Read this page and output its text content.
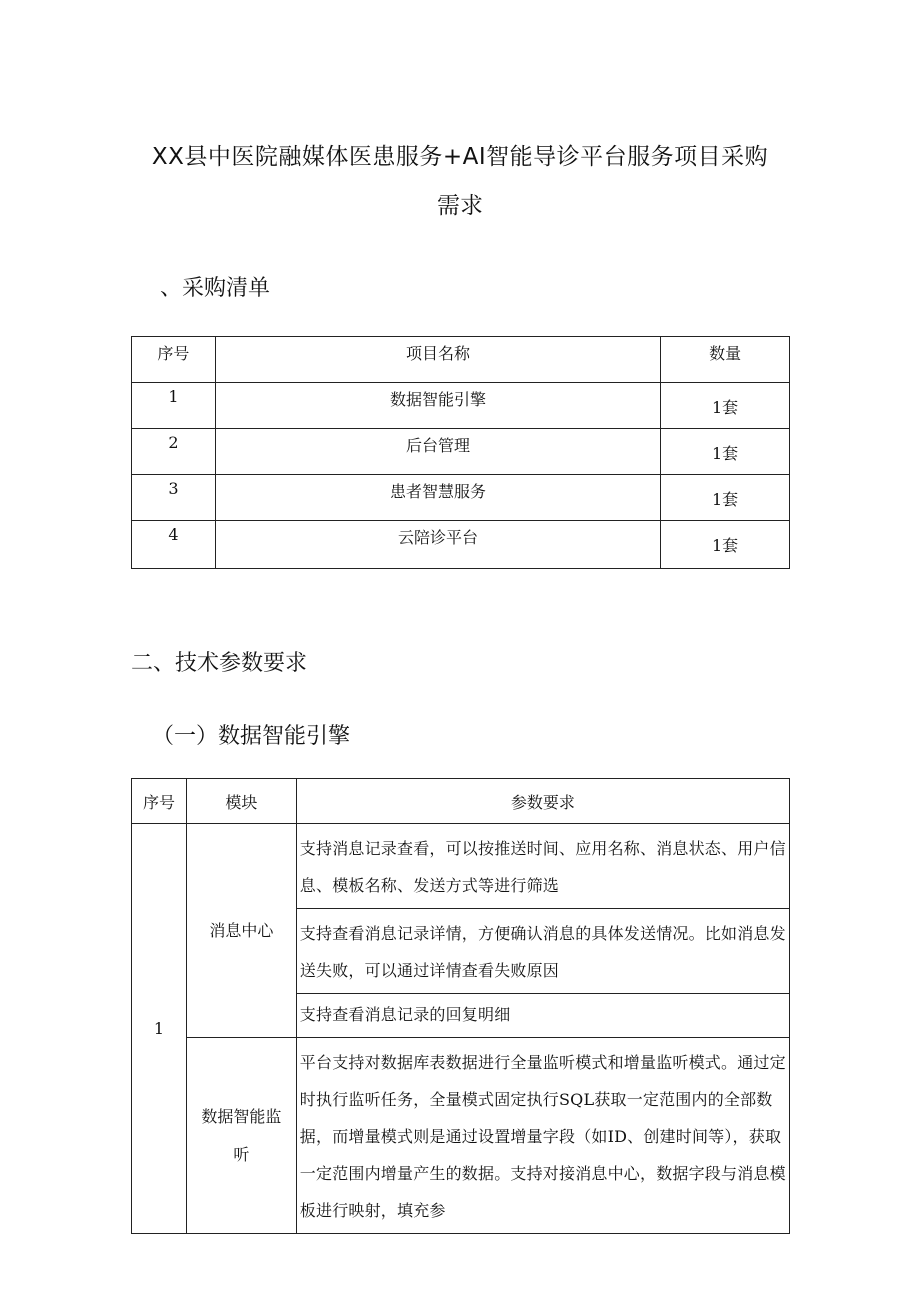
XX县中医院融媒体医患服务+AI智能导诊平台服务项目采购
需求
、采购清单
序号	项目名称	数量
1	数据智能引擎	1套
2	后台管理	1套
3	患者智慧服务	1套
4	云陪诊平台	1套
二、技术参数要求
（一）数据智能引擎
序号	模块	参数要求
1	消息中心	支持消息记录查看，可以按推送时间、应用名称、消息状态、用户信息、模板名称、发送方式等进行筛选
		支持查看消息记录详情，方便确认消息的具体发送情况。比如消息发送失败，可以通过详情查看失败原因
		支持查看消息记录的回复明细
	数据智能监听	平台支持对数据库表数据进行全量监听模式和增量监听模式。通过定时执行监听任务，全量模式固定执行SQL获取一定范围内的全部数据，而增量模式则是通过设置增量字段（如ID、创建时间等），获取一定范围内增量产生的数据。支持对接消息中心，数据字段与消息模板进行映射，填充参
